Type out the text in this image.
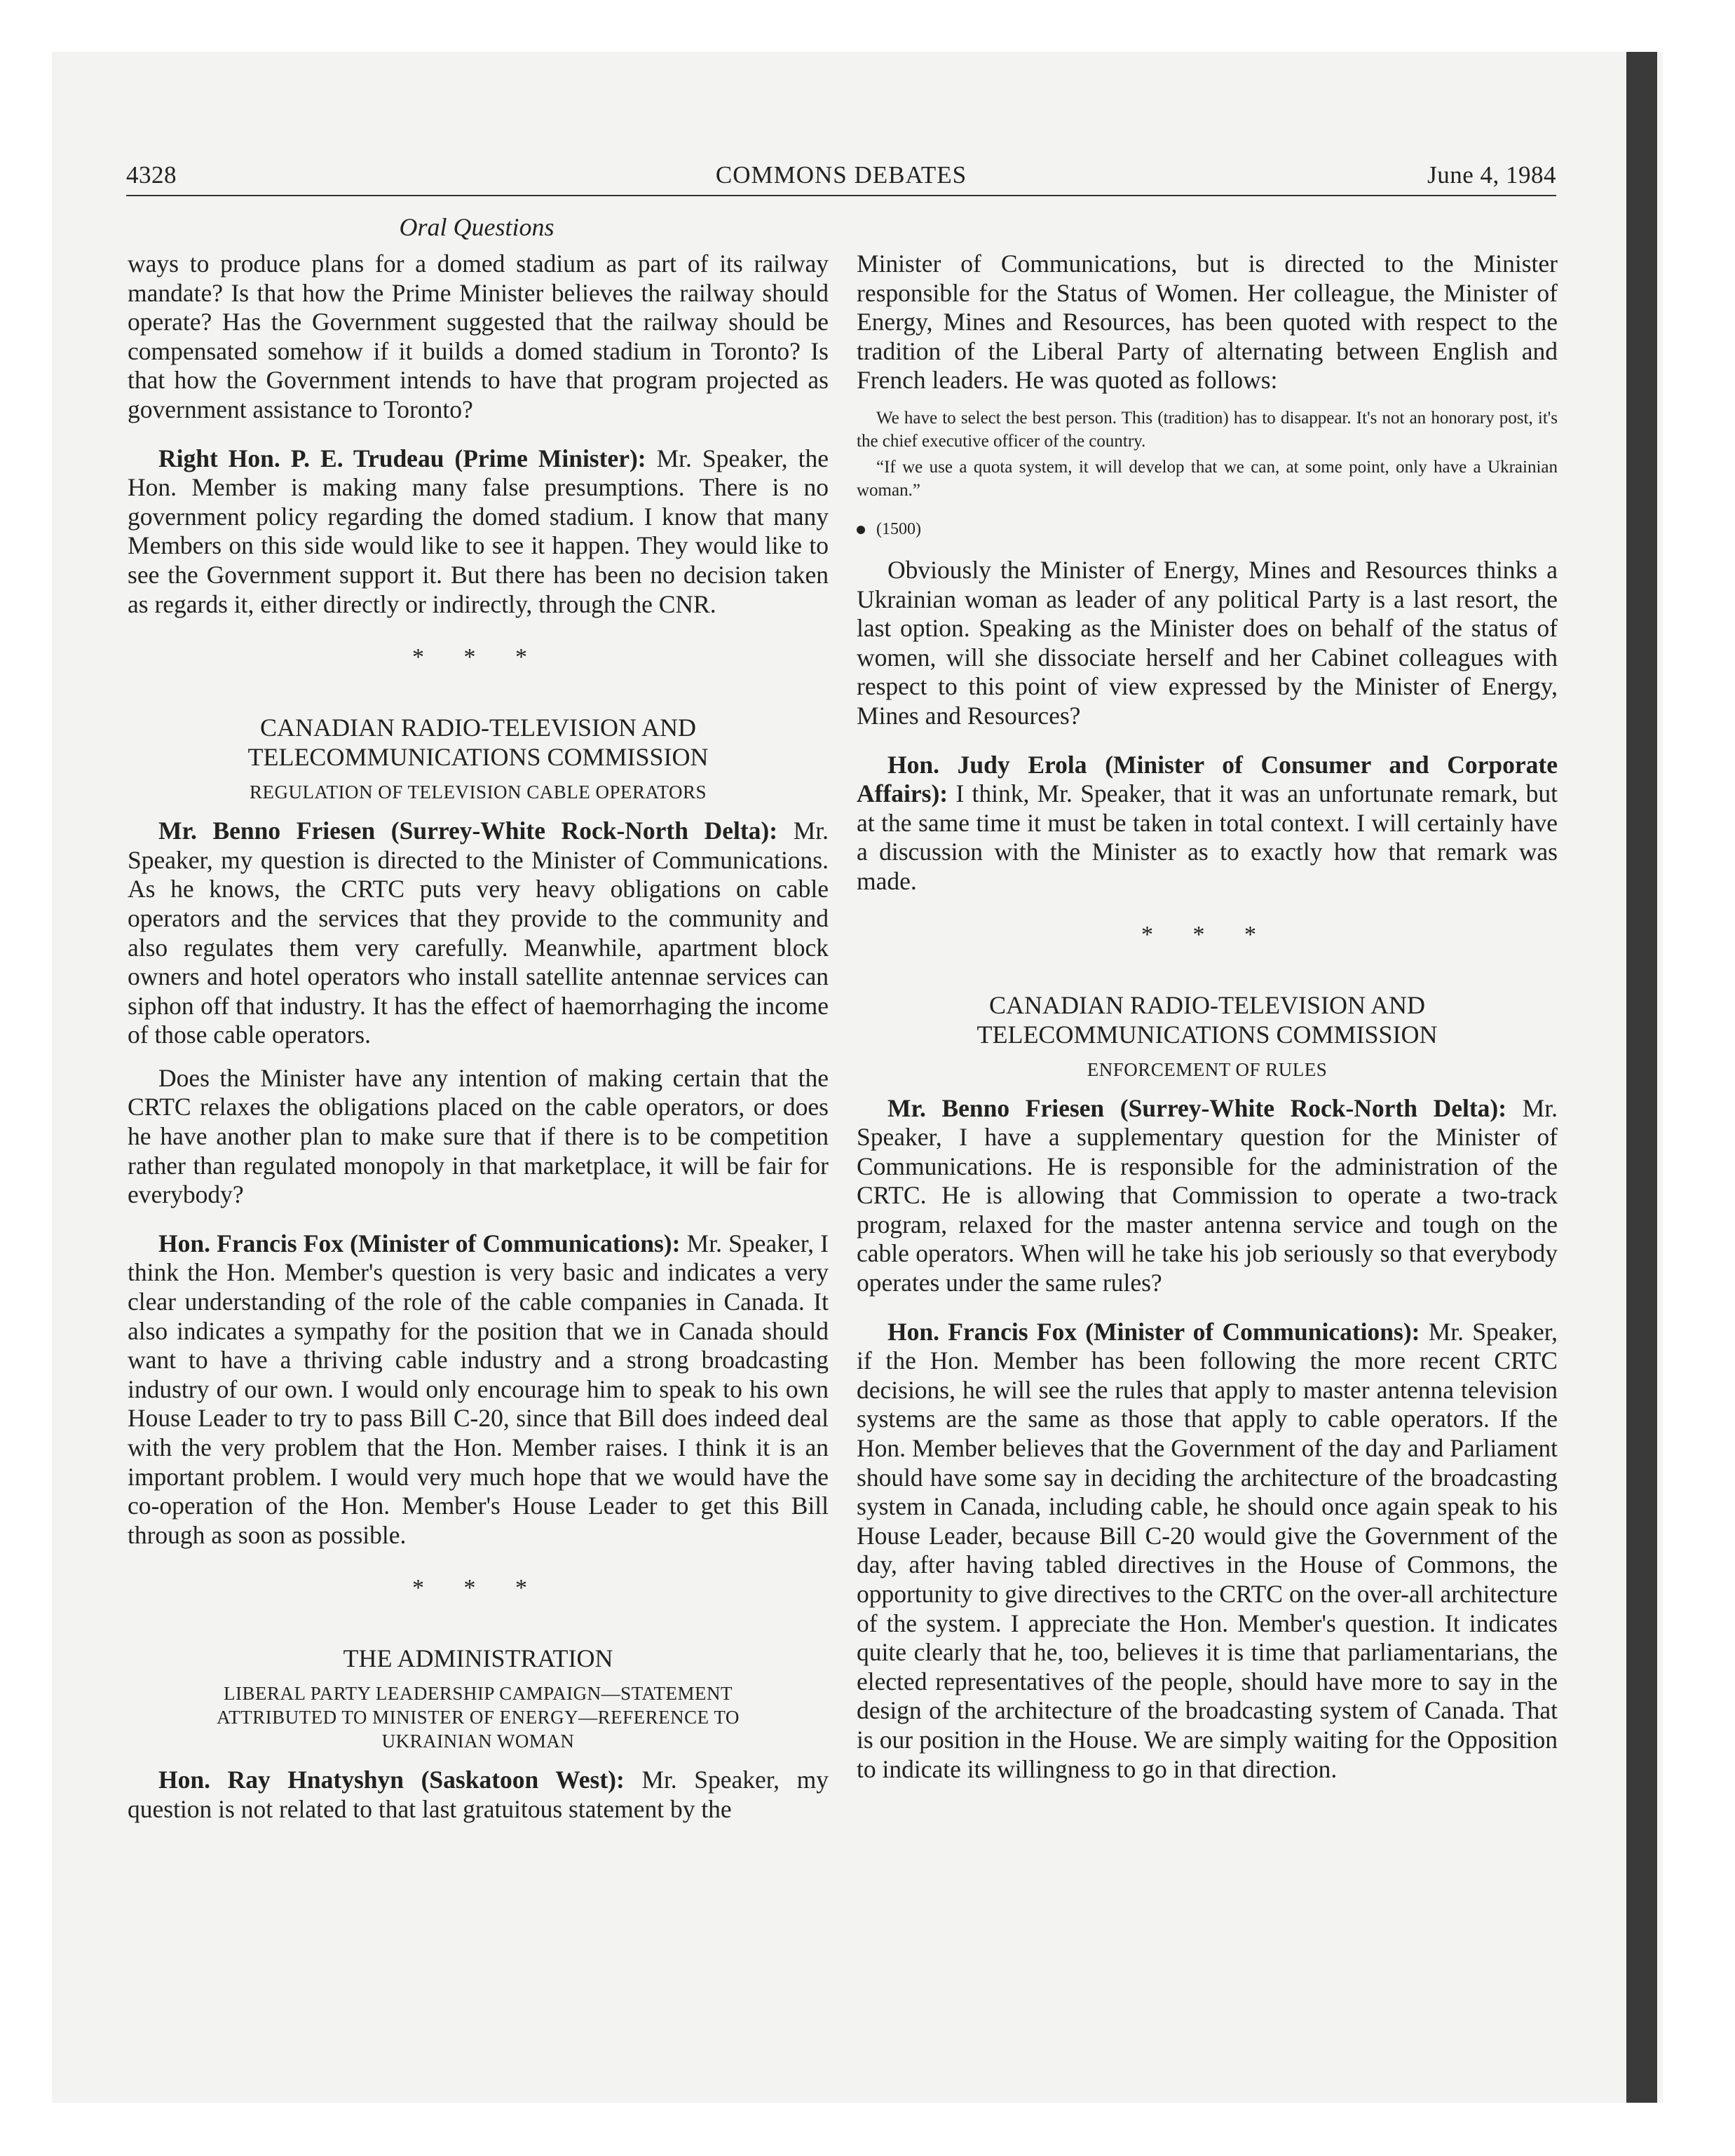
4328	COMMONS DEBATES	June 4, 1984
Oral Questions

ways to produce plans for a domed stadium as part of its railway mandate? Is that how the Prime Minister believes the railway should operate? Has the Government suggested that the railway should be compensated somehow if it builds a domed stadium in Toronto? Is that how the Government intends to have that program projected as government assistance to Toronto?

Right Hon. P. E. Trudeau (Prime Minister): Mr. Speaker, the Hon. Member is making many false presumptions. There is no government policy regarding the domed stadium. I know that many Members on this side would like to see it happen. They would like to see the Government support it. But there has been no decision taken as regards it, either directly or indirectly, through the CNR.

* * *

CANADIAN RADIO-TELEVISION AND TELECOMMUNICATIONS COMMISSION

REGULATION OF TELEVISION CABLE OPERATORS

Mr. Benno Friesen (Surrey-White Rock-North Delta): Mr. Speaker, my question is directed to the Minister of Communications. As he knows, the CRTC puts very heavy obligations on cable operators and the services that they provide to the community and also regulates them very carefully. Meanwhile, apartment block owners and hotel operators who install satellite antennae services can siphon off that industry. It has the effect of haemorrhaging the income of those cable operators.

Does the Minister have any intention of making certain that the CRTC relaxes the obligations placed on the cable operators, or does he have another plan to make sure that if there is to be competition rather than regulated monopoly in that marketplace, it will be fair for everybody?

Hon. Francis Fox (Minister of Communications): Mr. Speaker, I think the Hon. Member's question is very basic and indicates a very clear understanding of the role of the cable companies in Canada. It also indicates a sympathy for the position that we in Canada should want to have a thriving cable industry and a strong broadcasting industry of our own. I would only encourage him to speak to his own House Leader to try to pass Bill C-20, since that Bill does indeed deal with the very problem that the Hon. Member raises. I think it is an important problem. I would very much hope that we would have the co-operation of the Hon. Member's House Leader to get this Bill through as soon as possible.

* * *

THE ADMINISTRATION

LIBERAL PARTY LEADERSHIP CAMPAIGN—STATEMENT ATTRIBUTED TO MINISTER OF ENERGY—REFERENCE TO UKRAINIAN WOMAN

Hon. Ray Hnatyshyn (Saskatoon West): Mr. Speaker, my question is not related to that last gratuitous statement by the

Minister of Communications, but is directed to the Minister responsible for the Status of Women. Her colleague, the Minister of Energy, Mines and Resources, has been quoted with respect to the tradition of the Liberal Party of alternating between English and French leaders. He was quoted as follows:

We have to select the best person. This (tradition) has to disappear. It's not an honorary post, it's the chief executive officer of the country.

“If we use a quota system, it will develop that we can, at some point, only have a Ukrainian woman.”

(1500)

Obviously the Minister of Energy, Mines and Resources thinks a Ukrainian woman as leader of any political Party is a last resort, the last option. Speaking as the Minister does on behalf of the status of women, will she dissociate herself and her Cabinet colleagues with respect to this point of view expressed by the Minister of Energy, Mines and Resources?

Hon. Judy Erola (Minister of Consumer and Corporate Affairs): I think, Mr. Speaker, that it was an unfortunate remark, but at the same time it must be taken in total context. I will certainly have a discussion with the Minister as to exactly how that remark was made.

* * *

CANADIAN RADIO-TELEVISION AND TELECOMMUNICATIONS COMMISSION

ENFORCEMENT OF RULES

Mr. Benno Friesen (Surrey-White Rock-North Delta): Mr. Speaker, I have a supplementary question for the Minister of Communications. He is responsible for the administration of the CRTC. He is allowing that Commission to operate a two-track program, relaxed for the master antenna service and tough on the cable operators. When will he take his job seriously so that everybody operates under the same rules?

Hon. Francis Fox (Minister of Communications): Mr. Speaker, if the Hon. Member has been following the more recent CRTC decisions, he will see the rules that apply to master antenna television systems are the same as those that apply to cable operators. If the Hon. Member believes that the Government of the day and Parliament should have some say in deciding the architecture of the broadcasting system in Canada, including cable, he should once again speak to his House Leader, because Bill C-20 would give the Government of the day, after having tabled directives in the House of Commons, the opportunity to give directives to the CRTC on the over-all architecture of the system. I appreciate the Hon. Member's question. It indicates quite clearly that he, too, believes it is time that parliamentarians, the elected representatives of the people, should have more to say in the design of the architecture of the broadcasting system of Canada. That is our position in the House. We are simply waiting for the Opposition to indicate its willingness to go in that direction.
